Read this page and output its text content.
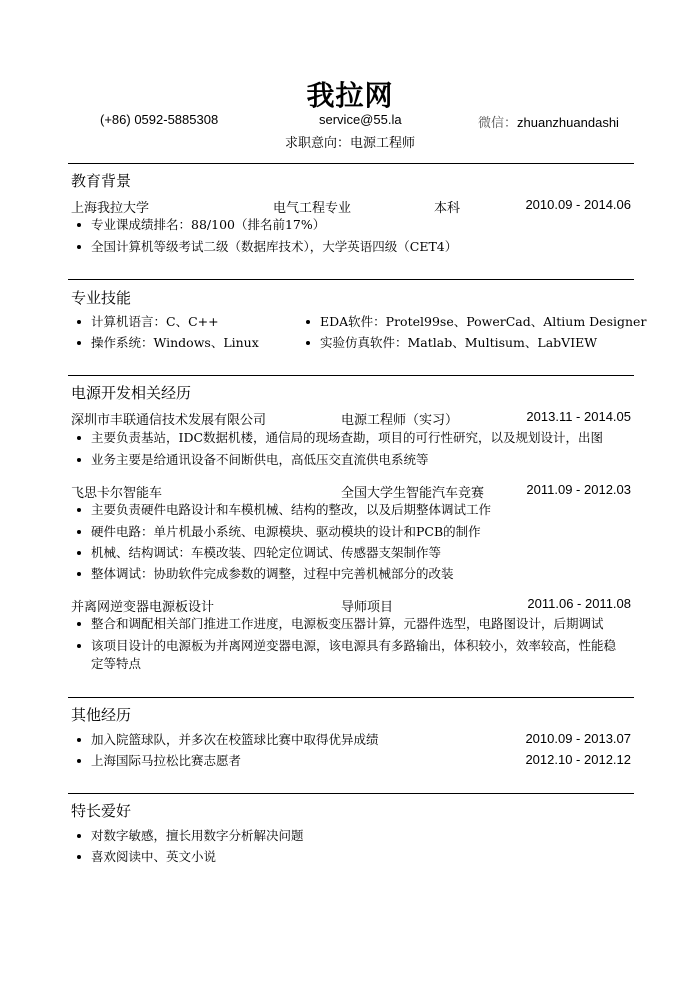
我拉网
(+86) 0592-5885308	service@55.la	微信：zhuanzhuandashi
求职意向：电源工程师
教育背景
上海我拉大学	电气工程专业	本科	2010.09 - 2014.06
专业课成绩排名：88/100（排名前17%）
全国计算机等级考试二级（数据库技术），大学英语四级（CET4）
专业技能
计算机语言：C、C++	EDA软件：Protel99se、PowerCad、Altium Designer
操作系统：Windows、Linux	实验仿真软件：Matlab、Multisum、LabVIEW
电源开发相关经历
深圳市丰联通信技术发展有限公司	电源工程师（实习）	2013.11 - 2014.05
主要负责基站，IDC数据机楼，通信局的现场查勘，项目的可行性研究，以及规划设计，出图
业务主要是给通讯设备不间断供电，高低压交直流供电系统等
飞思卡尔智能车	全国大学生智能汽车竞赛	2011.09 - 2012.03
主要负责硬件电路设计和车模机械、结构的整改，以及后期整体调试工作
硬件电路：单片机最小系统、电源模块、驱动模块的设计和PCB的制作
机械、结构调试：车模改装、四轮定位调试、传感器支架制作等
整体调试：协助软件完成参数的调整，过程中完善机械部分的改装
并离网逆变器电源板设计	导师项目	2011.06 - 2011.08
整合和调配相关部门推进工作进度，电源板变压器计算，元器件选型，电路图设计，后期调试
该项目设计的电源板为并离网逆变器电源，该电源具有多路输出，体积较小，效率较高，性能稳定等特点
其他经历
加入院篮球队，并多次在校篮球比赛中取得优异成绩	2010.09 - 2013.07
上海国际马拉松比赛志愿者	2012.10 - 2012.12
特长爱好
对数字敏感，擅长用数字分析解决问题
喜欢阅读中、英文小说
